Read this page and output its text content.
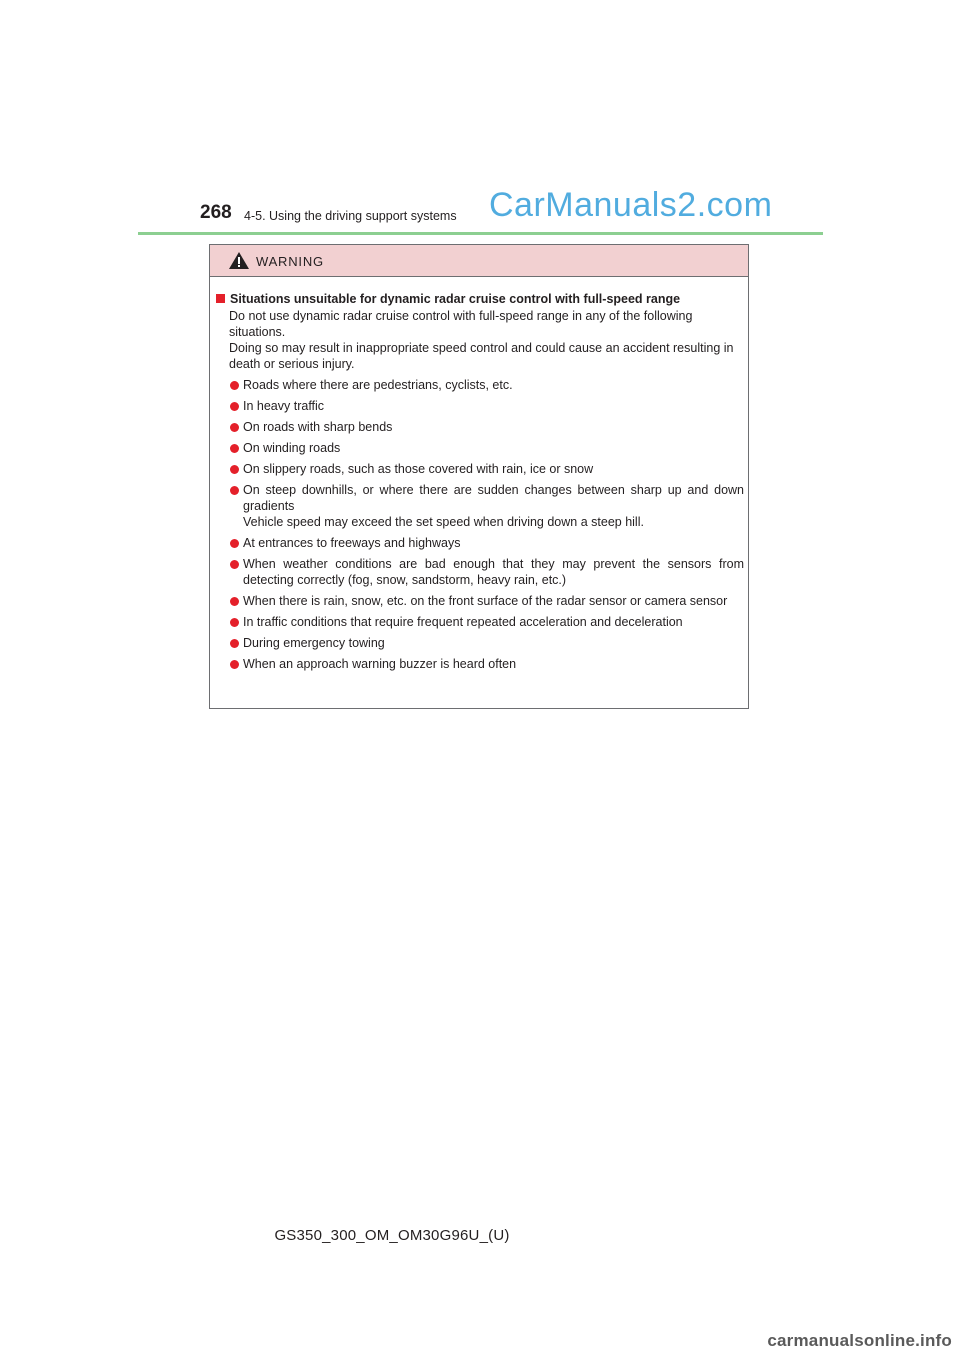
268 4-5. Using the driving support systems CarManuals2.com
WARNING
Situations unsuitable for dynamic radar cruise control with full-speed range

Do not use dynamic radar cruise control with full-speed range in any of the following situations.

Doing so may result in inappropriate speed control and could cause an accident resulting in death or serious injury.

Roads where there are pedestrians, cyclists, etc.
In heavy traffic
On roads with sharp bends
On winding roads
On slippery roads, such as those covered with rain, ice or snow
On steep downhills, or where there are sudden changes between sharp up and down gradients
Vehicle speed may exceed the set speed when driving down a steep hill.
At entrances to freeways and highways
When weather conditions are bad enough that they may prevent the sensors from detecting correctly (fog, snow, sandstorm, heavy rain, etc.)
When there is rain, snow, etc. on the front surface of the radar sensor or camera sensor
In traffic conditions that require frequent repeated acceleration and deceleration
During emergency towing
When an approach warning buzzer is heard often
GS350_300_OM_OM30G96U_(U)
carmanualsonline.info
